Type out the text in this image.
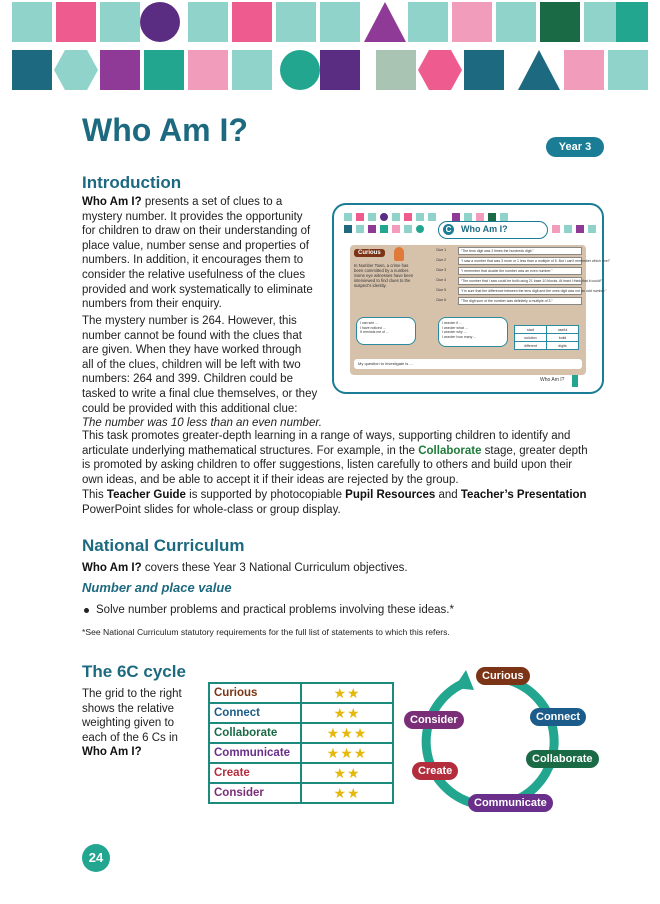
Who Am I?	Year 3
Introduction
Who Am I? presents a set of clues to a
mystery number. It provides the opportunity
for children to draw on their understanding of
place value, number sense and properties of
numbers. In addition, it encourages them to
consider the relative usefulness of the clues
provided and work systematically to eliminate
numbers from their enquiry.
The mystery number is 264. However, this
number cannot be found with the clues that
are given. When they have worked through
all of the clues, children will be left with two
numbers: 264 and 399. Children could be
tasked to write a final clue themselves, or they
could be provided with this additional clue:
The number was 10 less than an even number.
This task promotes greater-depth learning in a range of ways, supporting children to identify and
articulate underlying mathematical structures. For example, in the Collaborate stage, greater depth
is promoted by asking children to offer suggestions, listen carefully to others and build upon their
own ideas, and be able to accept it if their ideas are rejected by the group.
This Teacher Guide is supported by photocopiable Pupil Resources and Teacher’s Presentation
PowerPoint slides for whole-class or group display.
C Who Am I?
Curious
In Number Town, a crime has been committed by a number. Some eye witnesses have been interviewed to find clues to the suspect's identity.
Clue 1	“The tens digit was 2 times the hundreds digit.”
Clue 2	“I saw a number that was 3 more or 1 less than a multiple of 5. But I can't remember which one!”
Clue 3	“I remember that double the number was an even number.”
Clue 4	“The number that I saw could be built using 21 base-10 blocks. At least I think that it could!”
Clue 5	“I'm sure that the difference between the tens digit and the ones digit was not an odd number.”
Clue 6	“The digit sum of the number was definitely a multiple of 3.”
I can see ...
I have noticed ...
It reminds me of ...
I wonder if ...
I wonder what ...
I wonder why ...
I wonder how many ...
start	useful
solution	build
different	digits
My question to investigate is ...
Who Am I?
National Curriculum
Who Am I? covers these Year 3 National Curriculum objectives.
Number and place value
Solve number problems and practical problems involving these ideas.*
*See National Curriculum statutory requirements for the full list of statements to which this refers.
The 6C cycle
The grid to the right
shows the relative
weighting given to
each of the 6 Cs in
Who Am I?
Curious	★★
Connect	★★
Collaborate	★★★
Communicate	★★★
Create	★★
Consider	★★
Curious
Connect
Collaborate
Communicate
Create
Consider
24
